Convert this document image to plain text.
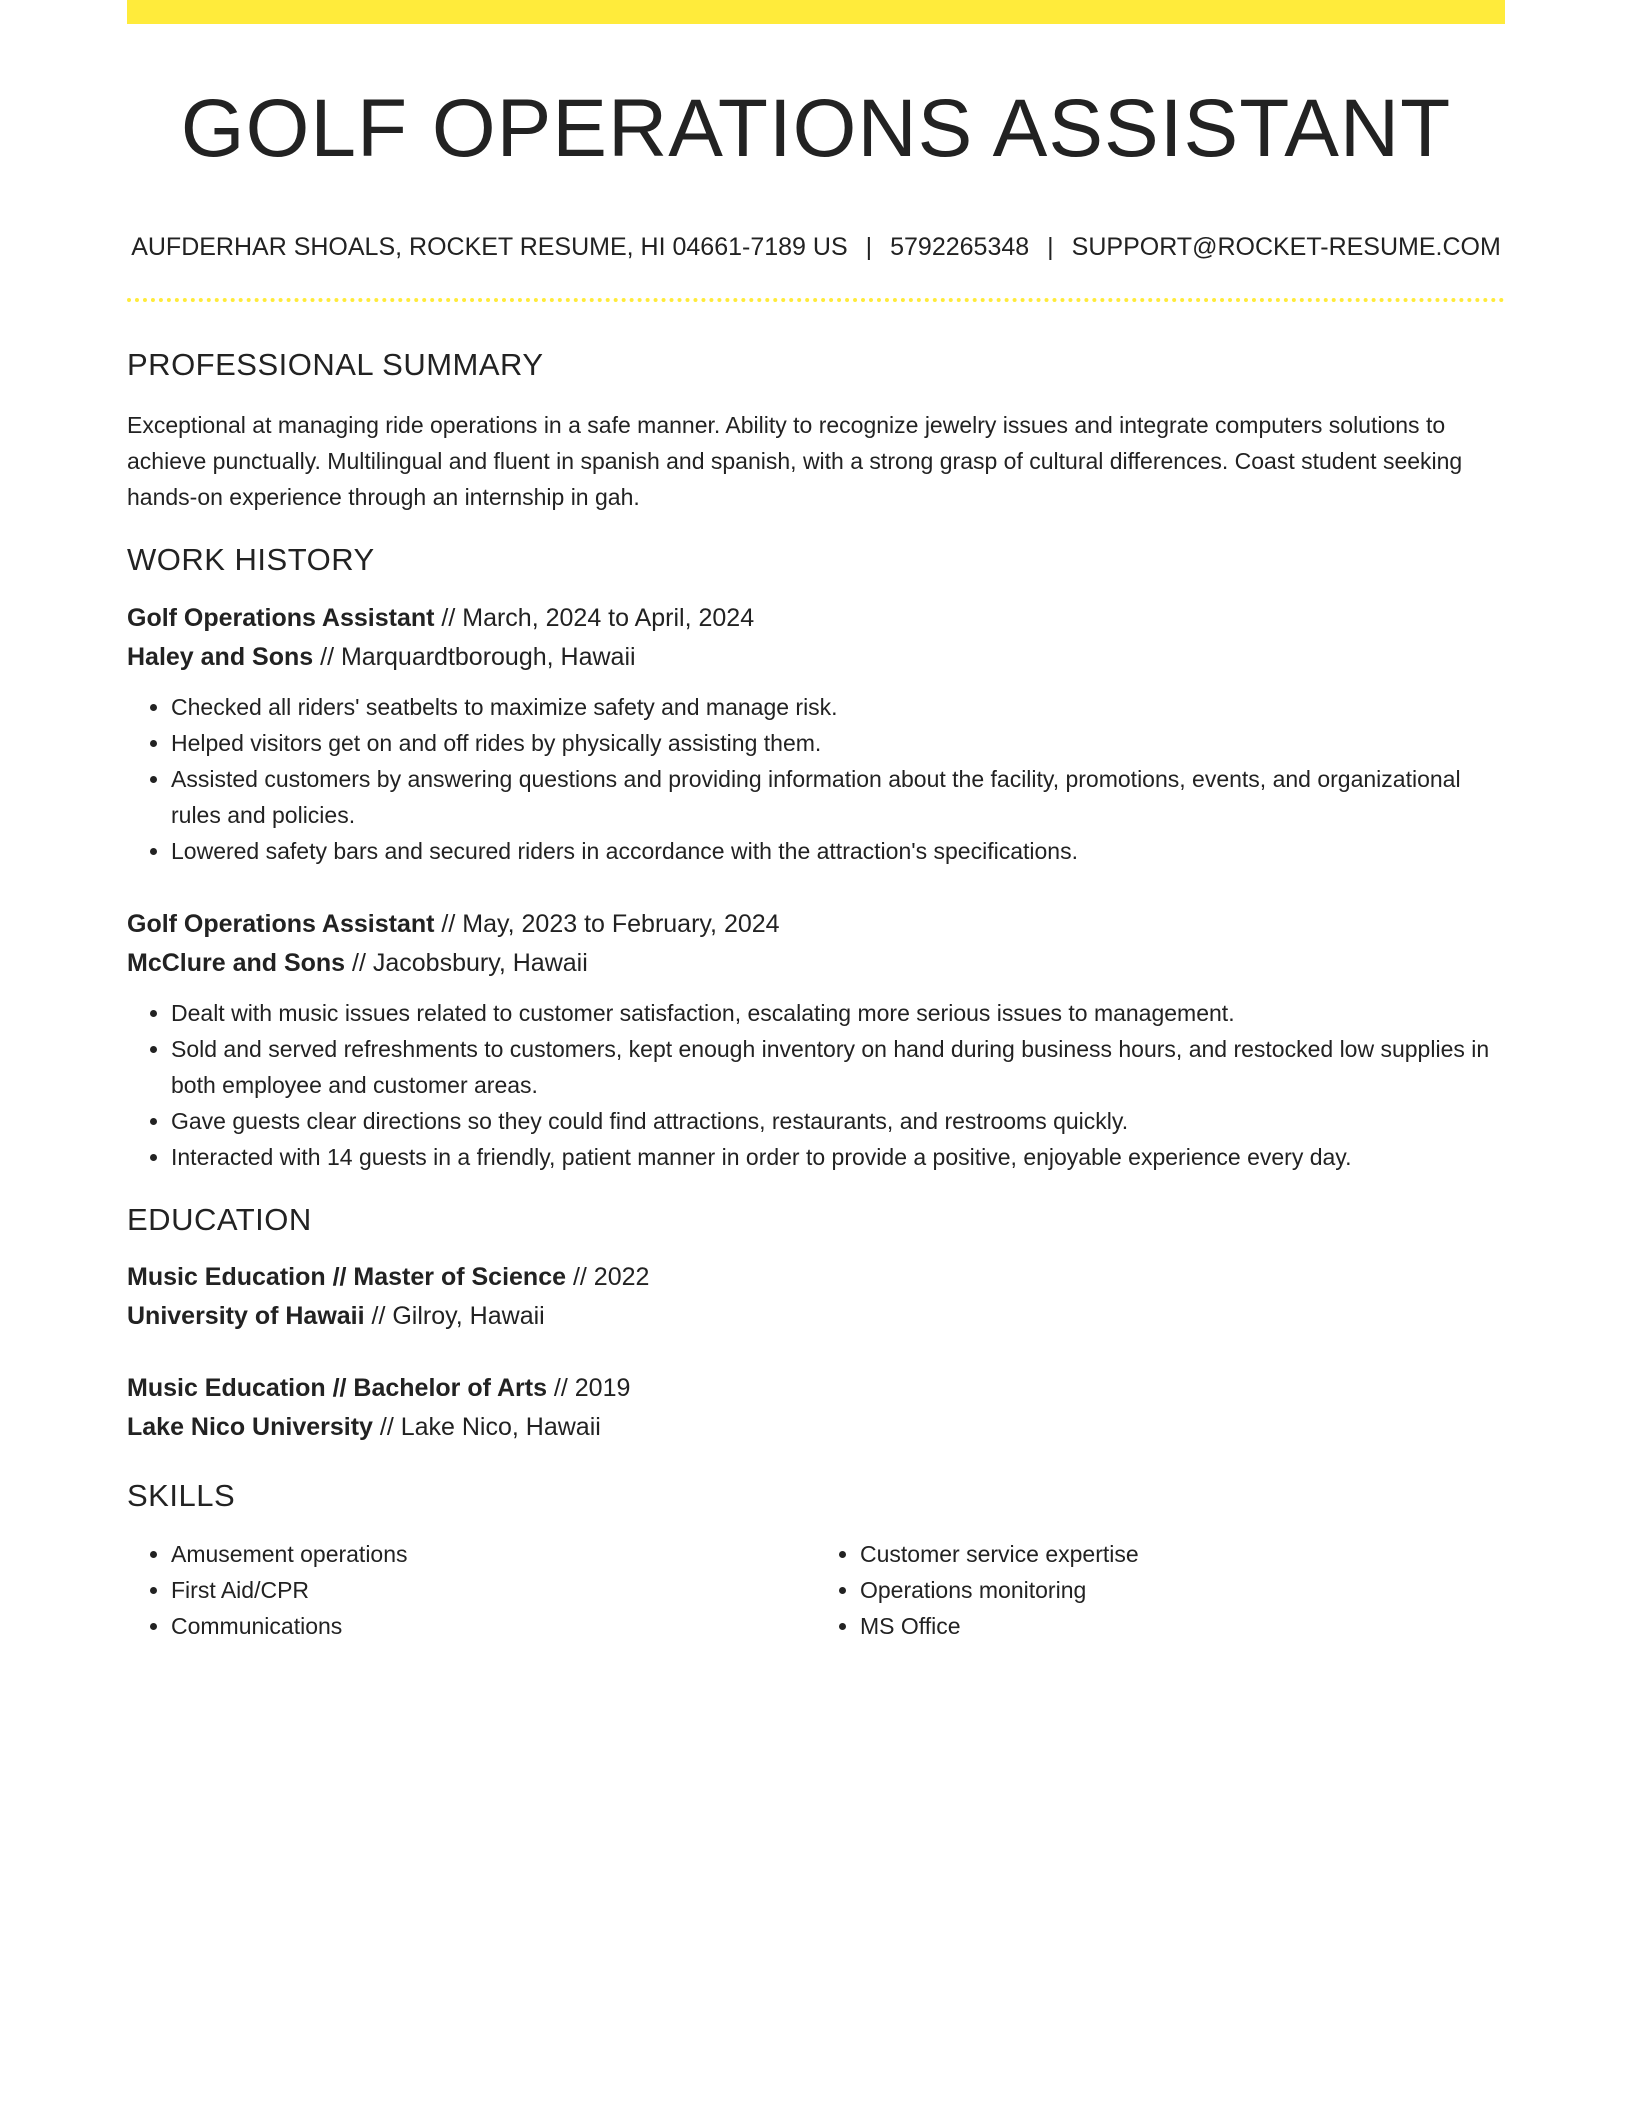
GOLF OPERATIONS ASSISTANT
AUFDERHAR SHOALS, ROCKET RESUME, HI 04661-7189 US | 5792265348 | SUPPORT@ROCKET-RESUME.COM
PROFESSIONAL SUMMARY

Exceptional at managing ride operations in a safe manner. Ability to recognize jewelry issues and integrate computers solutions to achieve punctually. Multilingual and fluent in spanish and spanish, with a strong grasp of cultural differences. Coast student seeking hands-on experience through an internship in gah.

WORK HISTORY
Golf Operations Assistant // March, 2024 to April, 2024
Haley and Sons // Marquardtborough, Hawaii
• Checked all riders' seatbelts to maximize safety and manage risk.
• Helped visitors get on and off rides by physically assisting them.
• Assisted customers by answering questions and providing information about the facility, promotions, events, and organizational rules and policies.
• Lowered safety bars and secured riders in accordance with the attraction's specifications.
Golf Operations Assistant // May, 2023 to February, 2024
McClure and Sons // Jacobsbury, Hawaii
• Dealt with music issues related to customer satisfaction, escalating more serious issues to management.
• Sold and served refreshments to customers, kept enough inventory on hand during business hours, and restocked low supplies in both employee and customer areas.
• Gave guests clear directions so they could find attractions, restaurants, and restrooms quickly.
• Interacted with 14 guests in a friendly, patient manner in order to provide a positive, enjoyable experience every day.
EDUCATION
Music Education // Master of Science // 2022
University of Hawaii // Gilroy, Hawaii
Music Education // Bachelor of Arts // 2019
Lake Nico University // Lake Nico, Hawaii
SKILLS
• Amusement operations
• First Aid/CPR
• Communications
• Customer service expertise
• Operations monitoring
• MS Office
